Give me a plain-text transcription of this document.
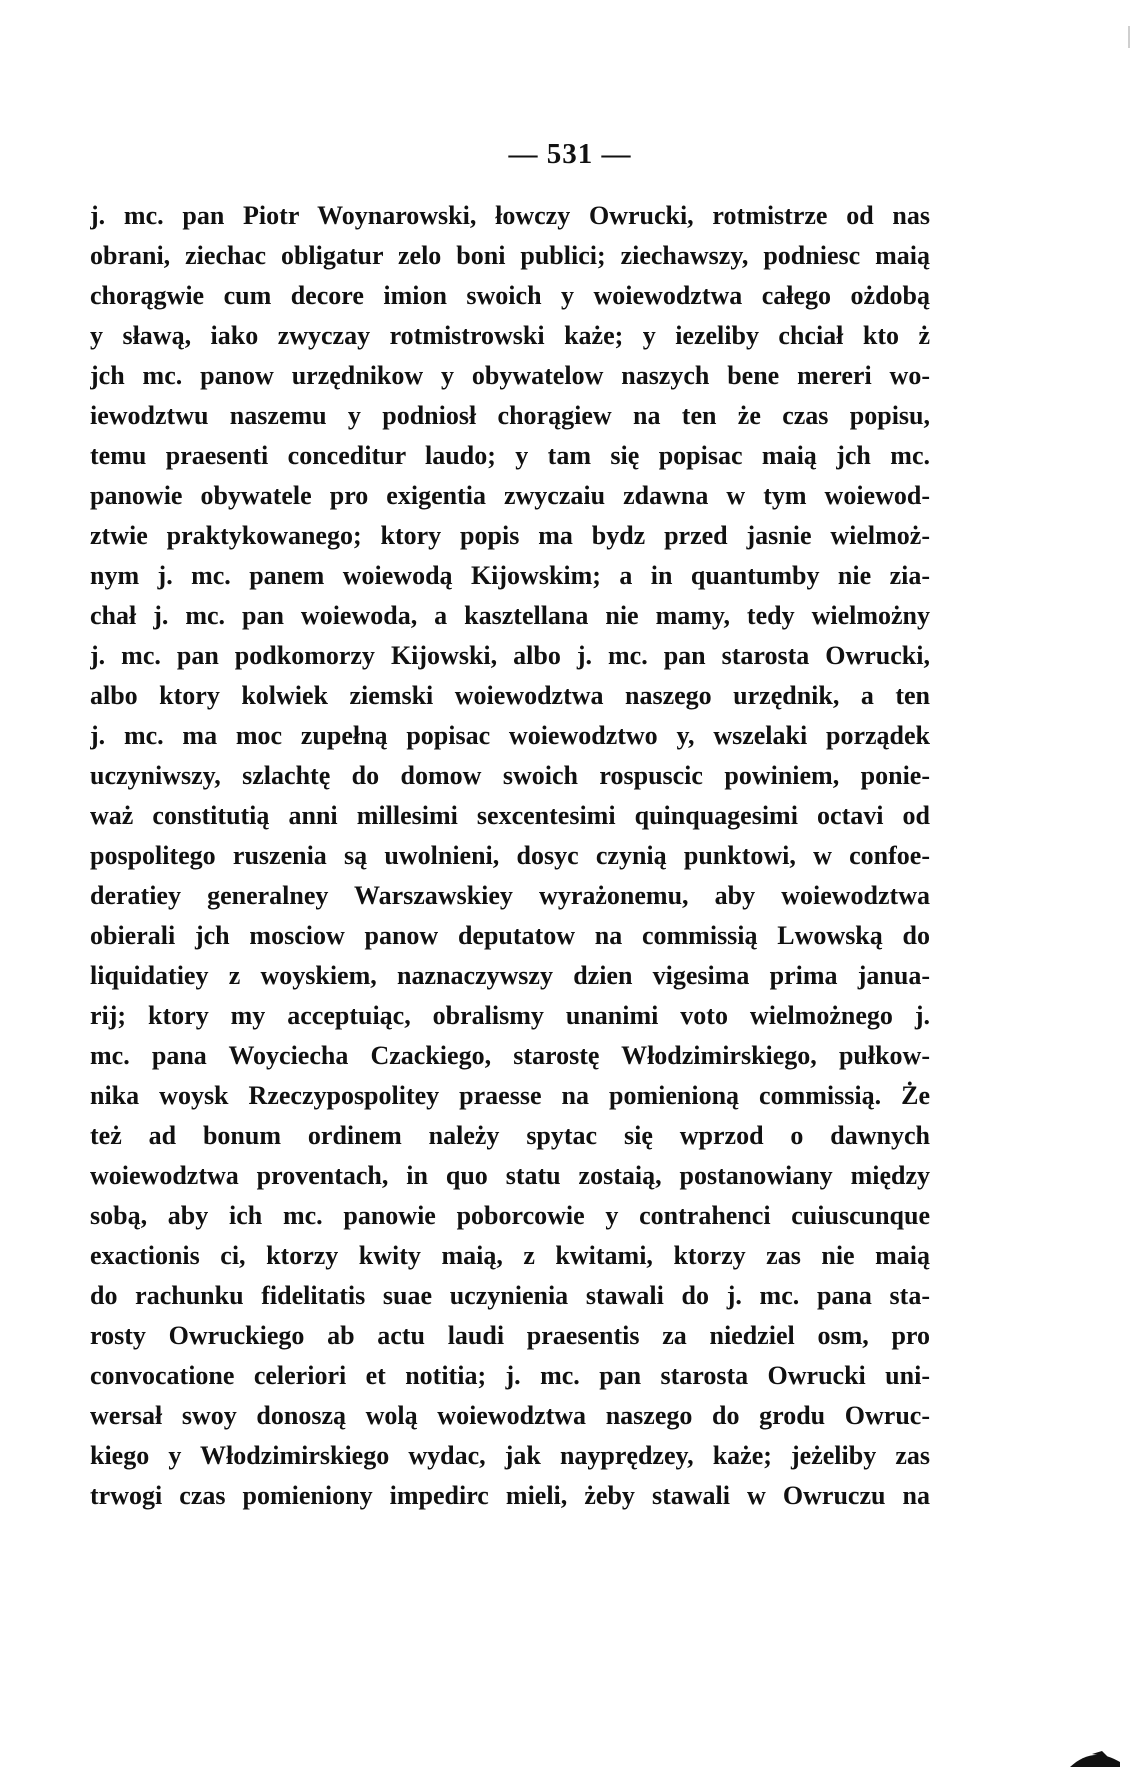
— 531 —
j. mc. pan Piotr Woynarowski, łowczy Owrucki, rotmistrze od nas
obrani, ziechac obligatur zelo boni publici; ziechawszy, podniesc maią
chorągwie cum decore imion swoich y woiewodztwa całego ożdobą
y sławą, iako zwyczay rotmistrowski każe; y iezeliby chciał kto ż
jch mc. panow urzędnikow y obywatelow naszych bene mereri wo-
iewodztwu naszemu y podniosł chorągiew na ten że czas popisu,
temu praesenti conceditur laudo; y tam się popisac maią jch mc.
panowie obywatele pro exigentia zwyczaiu zdawna w tym woiewod-
ztwie praktykowanego; ktory popis ma bydz przed jasnie wielmoż-
nym j. mc. panem woiewodą Kijowskim; a in quantumby nie zia-
chał j. mc. pan woiewoda, a kasztellana nie mamy, tedy wielmożny
j. mc. pan podkomorzy Kijowski, albo j. mc. pan starosta Owrucki,
albo ktory kolwiek ziemski woiewodztwa naszego urzędnik, a ten
j. mc. ma moc zupełną popisac woiewodztwo y, wszelaki porządek
uczyniwszy, szlachtę do domow swoich rospuscic powiniem, ponie-
waż constitutią anni millesimi sexcentesimi quinquagesimi octavi od
pospolitego ruszenia są uwolnieni, dosyc czynią punktowi, w confoe-
deratiey generalney Warszawskiey wyrażonemu, aby woiewodztwa
obierali jch mosciow panow deputatow na commissią Lwowską do
liquidatiey z woyskiem, naznaczywszy dzien vigesima prima janua-
rij; ktory my acceptuiąc, obralismy unanimi voto wielmożnego j.
mc. pana Woyciecha Czackiego, starostę Włodzimirskiego, pułkow-
nika woysk Rzeczypospolitey praesse na pomienioną commissią. Że
też ad bonum ordinem należy spytac się wprzod o dawnych
woiewodztwa proventach, in quo statu zostaią, postanowiany między
sobą, aby ich mc. panowie poborcowie y contrahenci cuiuscunque
exactionis ci, ktorzy kwity maią, z kwitami, ktorzy zas nie maią
do rachunku fidelitatis suae uczynienia stawali do j. mc. pana sta-
rosty Owruckiego ab actu laudi praesentis za niedziel osm, pro
convocatione celeriori et notitia; j. mc. pan starosta Owrucki uni-
wersał swoy donoszą wolą woiewodztwa naszego do grodu Owruc-
kiego y Włodzimirskiego wydac, jak nayprędzey, każe; jeżeliby zas
trwogi czas pomieniony impedirc mieli, żeby stawali w Owruczu na
